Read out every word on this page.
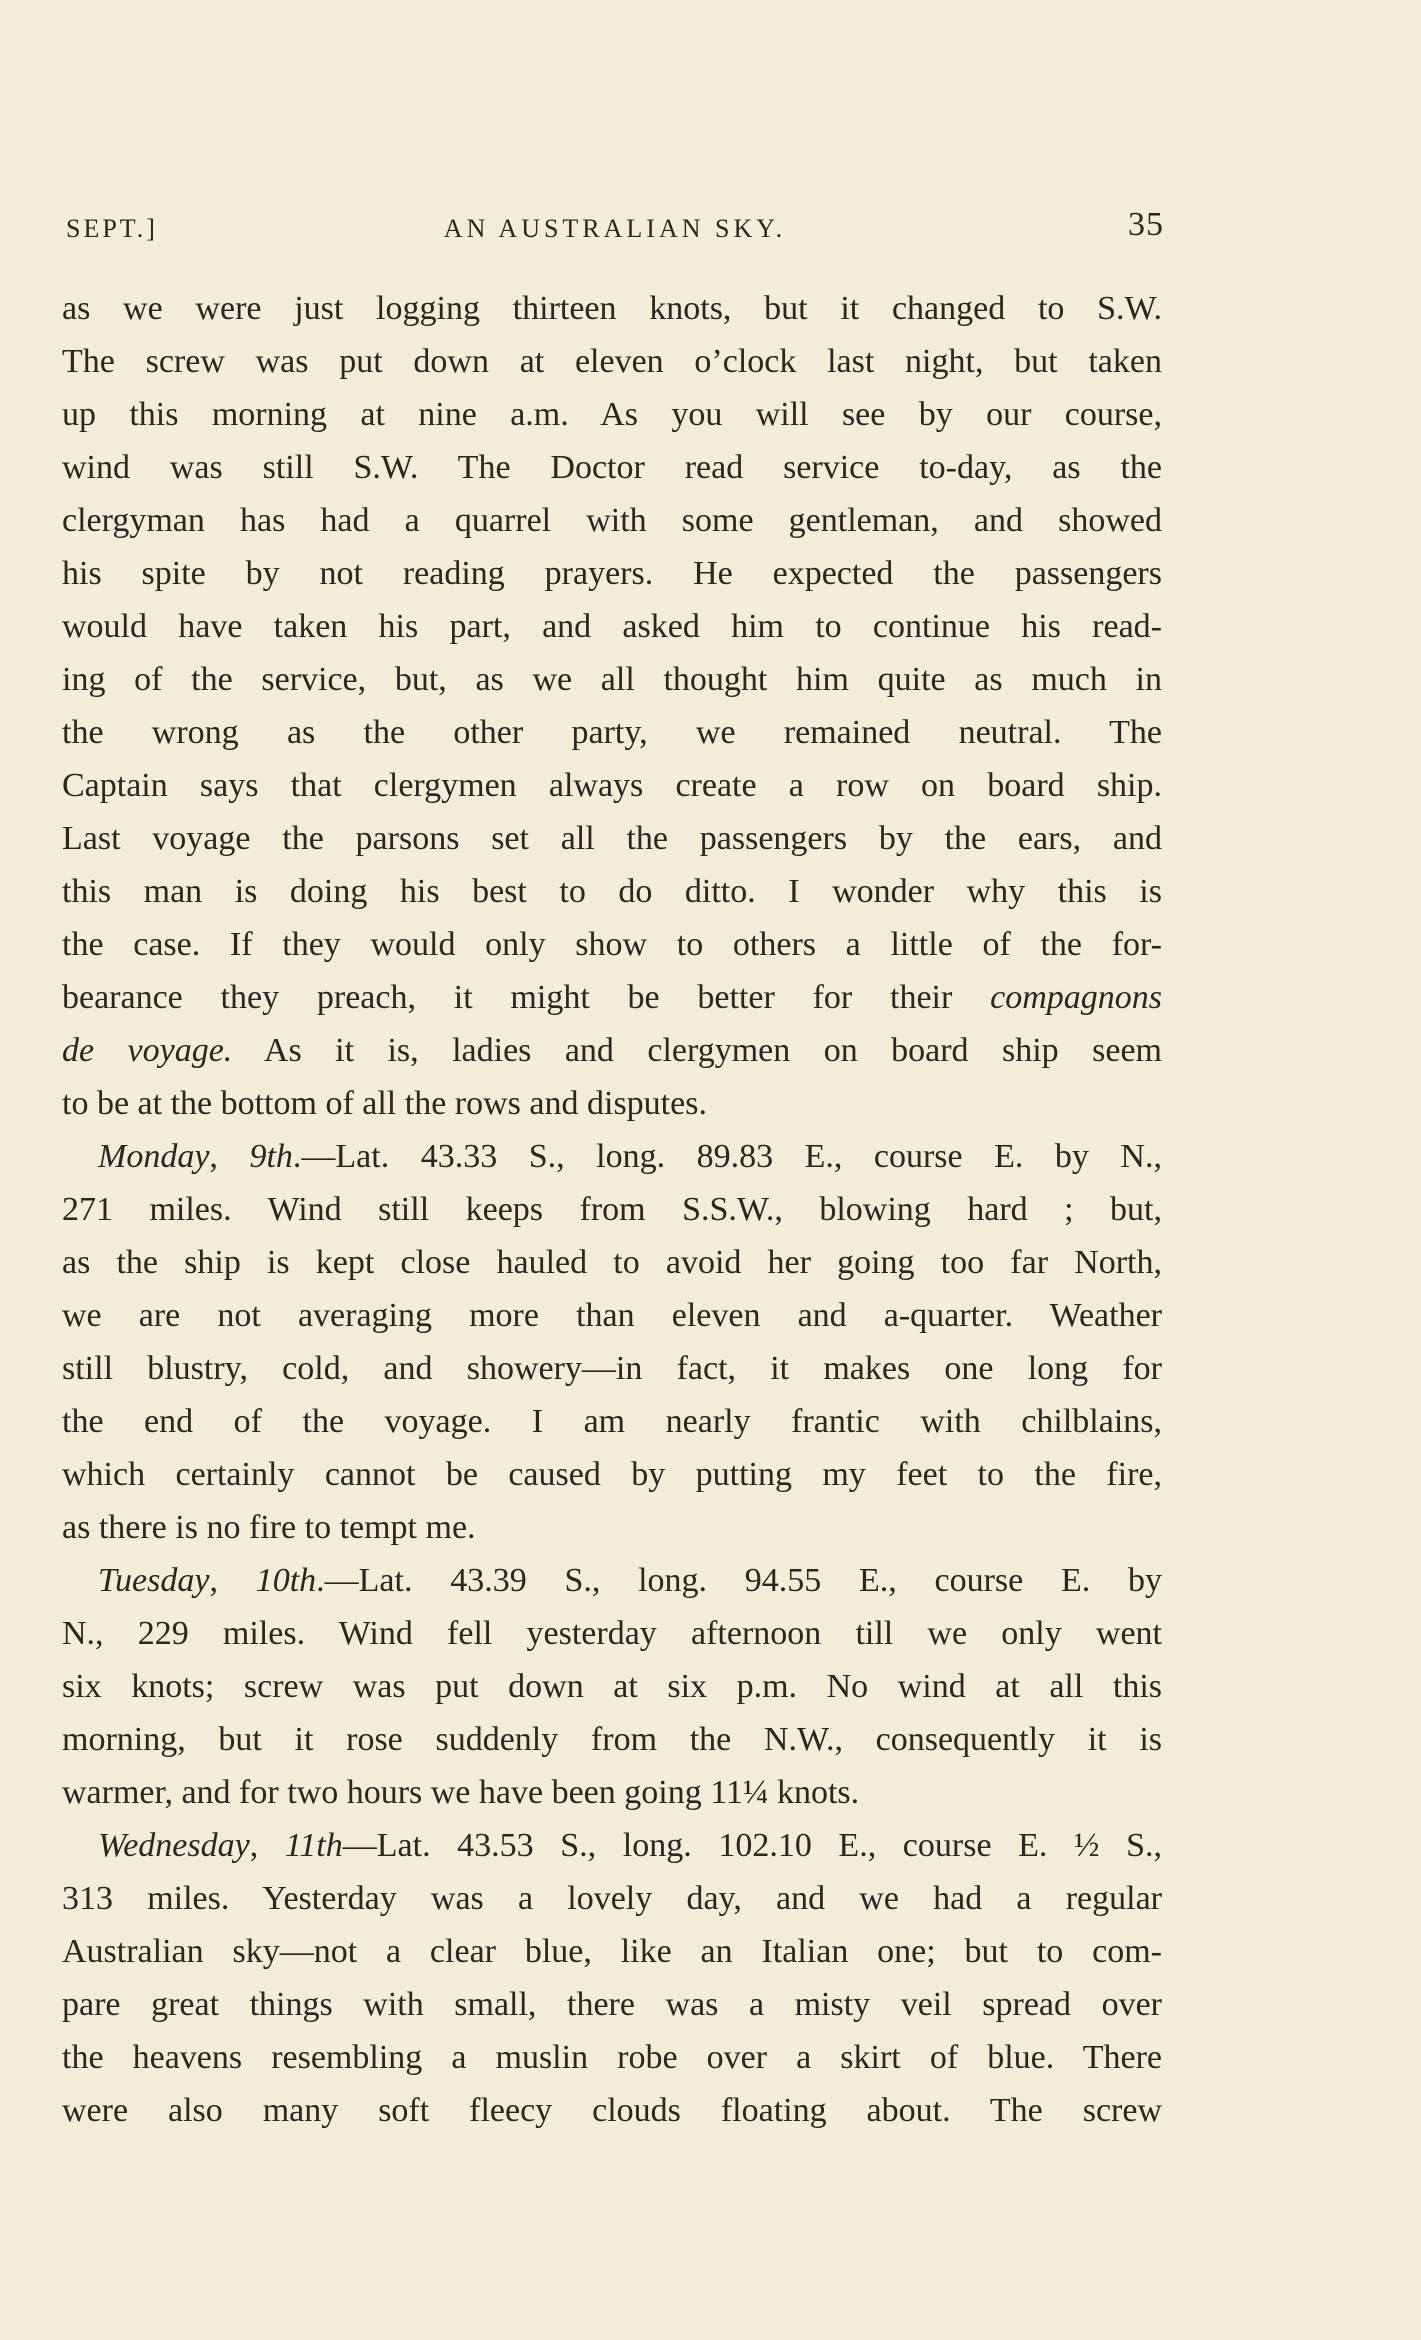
SEPT.]	AN AUSTRALIAN SKY.	35
as we were just logging thirteen knots, but it changed to S.W.
The screw was put down at eleven o’clock last night, but taken
up this morning at nine a.m. As you will see by our course,
wind was still S.W. The Doctor read service to-day, as the
clergyman has had a quarrel with some gentleman, and showed
his spite by not reading prayers. He expected the passengers
would have taken his part, and asked him to continue his read-
ing of the service, but, as we all thought him quite as much in
the wrong as the other party, we remained neutral. The
Captain says that clergymen always create a row on board ship.
Last voyage the parsons set all the passengers by the ears, and
this man is doing his best to do ditto. I wonder why this is
the case. If they would only show to others a little of the for-
bearance they preach, it might be better for their compagnons
de voyage. As it is, ladies and clergymen on board ship seem
to be at the bottom of all the rows and disputes.
Monday, 9th.—Lat. 43.33 S., long. 89.83 E., course E. by N.,
271 miles. Wind still keeps from S.S.W., blowing hard ; but,
as the ship is kept close hauled to avoid her going too far North,
we are not averaging more than eleven and a-quarter. Weather
still blustry, cold, and showery—in fact, it makes one long for
the end of the voyage. I am nearly frantic with chilblains,
which certainly cannot be caused by putting my feet to the fire,
as there is no fire to tempt me.
Tuesday, 10th.—Lat. 43.39 S., long. 94.55 E., course E. by
N., 229 miles. Wind fell yesterday afternoon till we only went
six knots; screw was put down at six p.m. No wind at all this
morning, but it rose suddenly from the N.W., consequently it is
warmer, and for two hours we have been going 11¼ knots.
Wednesday, 11th—Lat. 43.53 S., long. 102.10 E., course E. ½ S.,
313 miles. Yesterday was a lovely day, and we had a regular
Australian sky—not a clear blue, like an Italian one; but to com-
pare great things with small, there was a misty veil spread over
the heavens resembling a muslin robe over a skirt of blue. There
were also many soft fleecy clouds floating about. The screw
